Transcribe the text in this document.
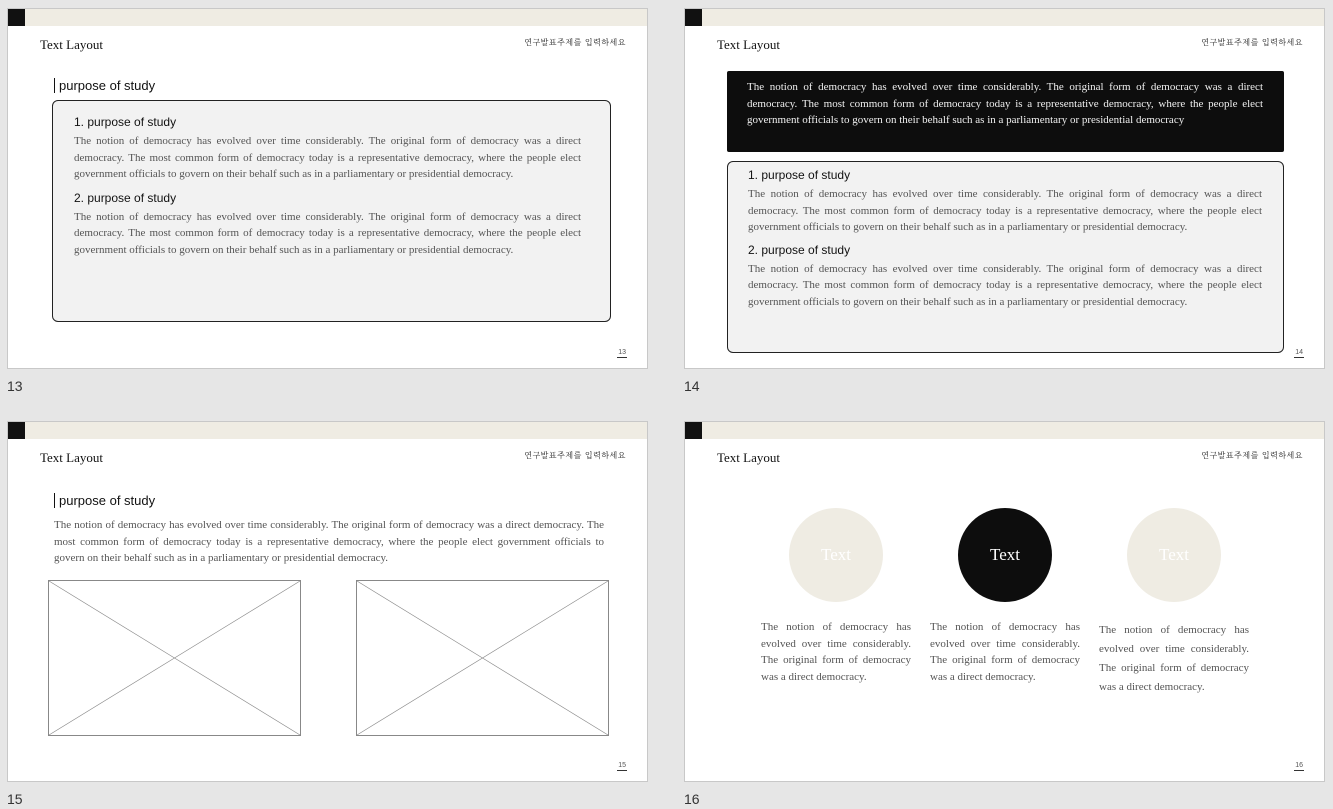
Text Layout	연구발표주제를 입력하세요
purpose of study
1. purpose of study
The notion of democracy has evolved over time considerably. The original form of democracy was a direct democracy. The most common form of democracy today is a representative democracy, where the people elect government officials to govern on their behalf such as in a parliamentary or presidential democracy.
2. purpose of study
The notion of democracy has evolved over time considerably. The original form of democracy was a direct democracy. The most common form of democracy today is a representative democracy, where the people elect government officials to govern on their behalf such as in a parliamentary or presidential democracy.
13
13
Text Layout	연구발표주제를 입력하세요
The notion of democracy has evolved over time considerably. The original form of democracy was a direct democracy. The most common form of democracy today is a representative democracy, where the people elect government officials to govern on their behalf such as in a parliamentary or presidential democracy
1. purpose of study
The notion of democracy has evolved over time considerably. The original form of democracy was a direct democracy. The most common form of democracy today is a representative democracy, where the people elect government officials to govern on their behalf such as in a parliamentary or presidential democracy.
2. purpose of study
The notion of democracy has evolved over time considerably. The original form of democracy was a direct democracy. The most common form of democracy today is a representative democracy, where the people elect government officials to govern on their behalf such as in a parliamentary or presidential democracy.
14
14
Text Layout	연구발표주제를 입력하세요
purpose of study
The notion of democracy has evolved over time considerably. The original form of democracy was a direct democracy. The most common form of democracy today is a representative democracy, where the people elect government officials to govern on their behalf such as in a parliamentary or presidential democracy.
15
15
Text Layout	연구발표주제를 입력하세요
Text	Text	Text
The notion of democracy has evolved over time considerably. The original form of democracy was a direct democracy.
The notion of democracy has evolved over time considerably. The original form of democracy was a direct democracy.
The notion of democracy has evolved over time considerably. The original form of democracy was a direct democracy.
16
16
